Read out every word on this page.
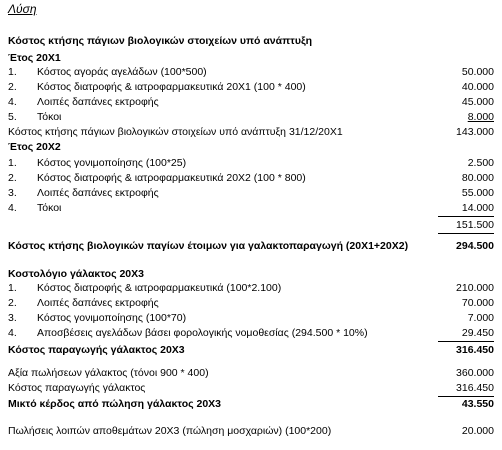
Λύση
Κόστος κτήσης πάγιων βιολογικών στοιχείων υπό ανάπτυξη
Έτος 20Χ1
1.	Κόστος αγοράς αγελάδων (100*500)	50.000
2.	Κόστος διατροφής & ιατροφαρμακευτικά 20Χ1 (100 * 400)	40.000
4.	Λοιπές δαπάνες εκτροφής	45.000
5.	Τόκοι	8.000
Κόστος κτήσης πάγιων βιολογικών στοιχείων υπό ανάπτυξη 31/12/20Χ1	143.000
Έτος 20Χ2
1.	Κόστος γονιμοποίησης (100*25)	2.500
2.	Κόστος διατροφής & ιατροφαρμακευτικά 20Χ2 (100 * 800)	80.000
3.	Λοιπές δαπάνες εκτροφής	55.000
4.	Τόκοι	14.000
151.500
Κόστος κτήσης βιολογικών παγίων έτοιμων για γαλακτοπαραγωγή (20Χ1+20Χ2)	294.500
Κοστολόγιο γάλακτος 20Χ3
1.	Κόστος διατροφής & ιατροφαρμακευτικά (100*2.100)	210.000
2.	Λοιπές δαπάνες εκτροφής	70.000
3.	Κόστος γονιμοποίησης (100*70)	7.000
4.	Αποσβέσεις αγελάδων βάσει φορολογικής νομοθεσίας (294.500 * 10%)	29.450
Κόστος παραγωγής γάλακτος 20Χ3	316.450
Αξία πωλήσεων γάλακτος (τόνοι 900 * 400)	360.000
Κόστος παραγωγής γάλακτος	316.450
Μικτό κέρδος από πώληση γάλακτος 20Χ3	43.550
Πωλήσεις λοιπών αποθεμάτων 20Χ3 (πώληση μοσχαριών) (100*200)	20.000
